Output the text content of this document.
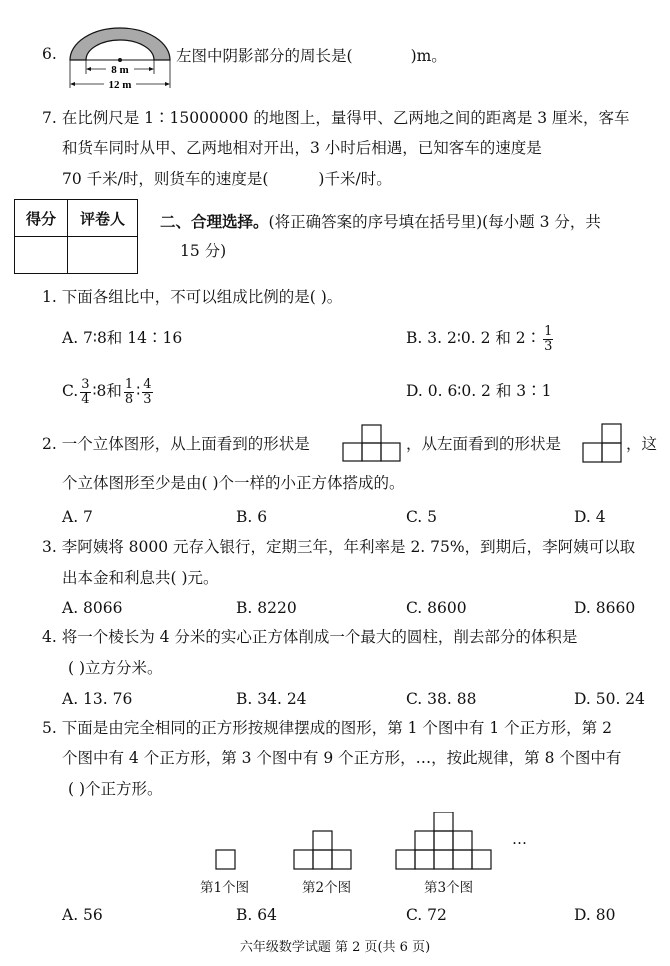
6.
8 m
12 m
左图中阴影部分的周长是(	)m。
7. 在比例尺是 1∶15000000 的地图上，量得甲、乙两地之间的距离是 3 厘米，客车
和货车同时从甲、乙两地相对开出，3 小时后相遇，已知客车的速度是
70 千米/时，则货车的速度是(	)千米/时。
得分	评卷人
	二、合理选择。(将正确答案的序号填在括号里)(每小题 3 分，共
15 分)
1. 下面各组比中，不可以组成比例的是( )。
A. 7∶8和 14∶16	B. 3. 2∶0. 2 和 2∶ $\frac{1}{3}$
C. $\frac{3}{4}$ ∶8和 $\frac{1}{8}$ ∶ $\frac{4}{3}$	D. 0. 6∶0. 2 和 3∶1
2. 一个立体图形，从上面看到的形状是	，从左面看到的形状是	，这
个立体图形至少是由( )个一样的小正方体搭成的。
A. 7	B. 6	C. 5	D. 4
3. 李阿姨将 8000 元存入银行，定期三年，年利率是 2. 75%，到期后，李阿姨可以取
出本金和利息共( )元。
A. 8066	B. 8220	C. 8600	D. 8660
4. 将一个棱长为 4 分米的实心正方体削成一个最大的圆柱，削去部分的体积是
( )立方分米。
A. 13. 76	B. 34. 24	C. 38. 88	D. 50. 24
5. 下面是由完全相同的正方形按规律摆成的图形，第 1 个图中有 1 个正方形，第 2
个图中有 4 个正方形，第 3 个图中有 9 个正方形，…，按此规律，第 8 个图中有
( )个正方形。
…
第1个图	第2个图	第3个图
A. 56	B. 64	C. 72	D. 80
六年级数学试题 第 2 页(共 6 页)
